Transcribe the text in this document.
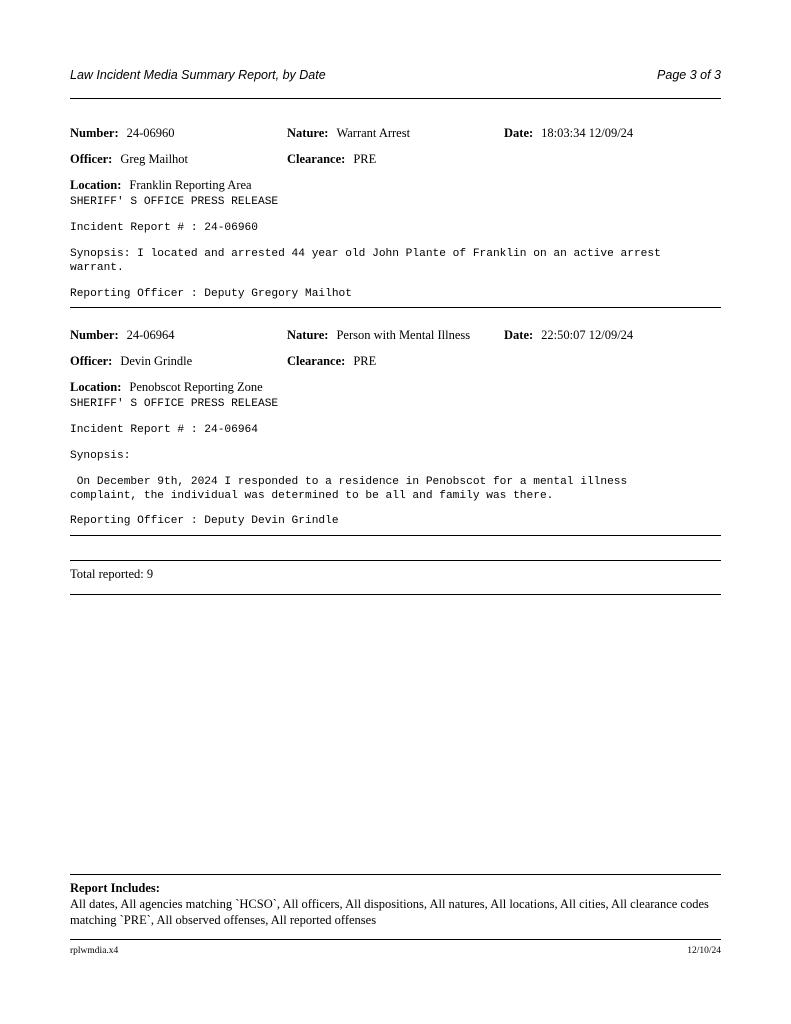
Law Incident Media Summary Report, by Date	Page 3 of 3
Number: 24-06960	Nature: Warrant Arrest	Date: 18:03:34 12/09/24
Officer: Greg Mailhot	Clearance: PRE
Location: Franklin Reporting Area
SHERIFF' S OFFICE PRESS RELEASE
Incident Report # : 24-06960
Synopsis: I located and arrested 44 year old John Plante of Franklin on an active arrest
warrant.
Reporting Officer : Deputy Gregory Mailhot
Number: 24-06964	Nature: Person with Mental Illness	Date: 22:50:07 12/09/24
Officer: Devin Grindle	Clearance: PRE
Location: Penobscot Reporting Zone
SHERIFF' S OFFICE PRESS RELEASE
Incident Report # : 24-06964
Synopsis:
On December 9th, 2024 I responded to a residence in Penobscot for a mental illness
complaint, the individual was determined to be all and family was there.
Reporting Officer : Deputy Devin Grindle
Total reported: 9
Report Includes:
All dates, All agencies matching `HCSO`, All officers, All dispositions, All natures, All locations, All cities, All clearance codes matching `PRE`, All observed offenses, All reported offenses
rplwmdia.x4	12/10/24
